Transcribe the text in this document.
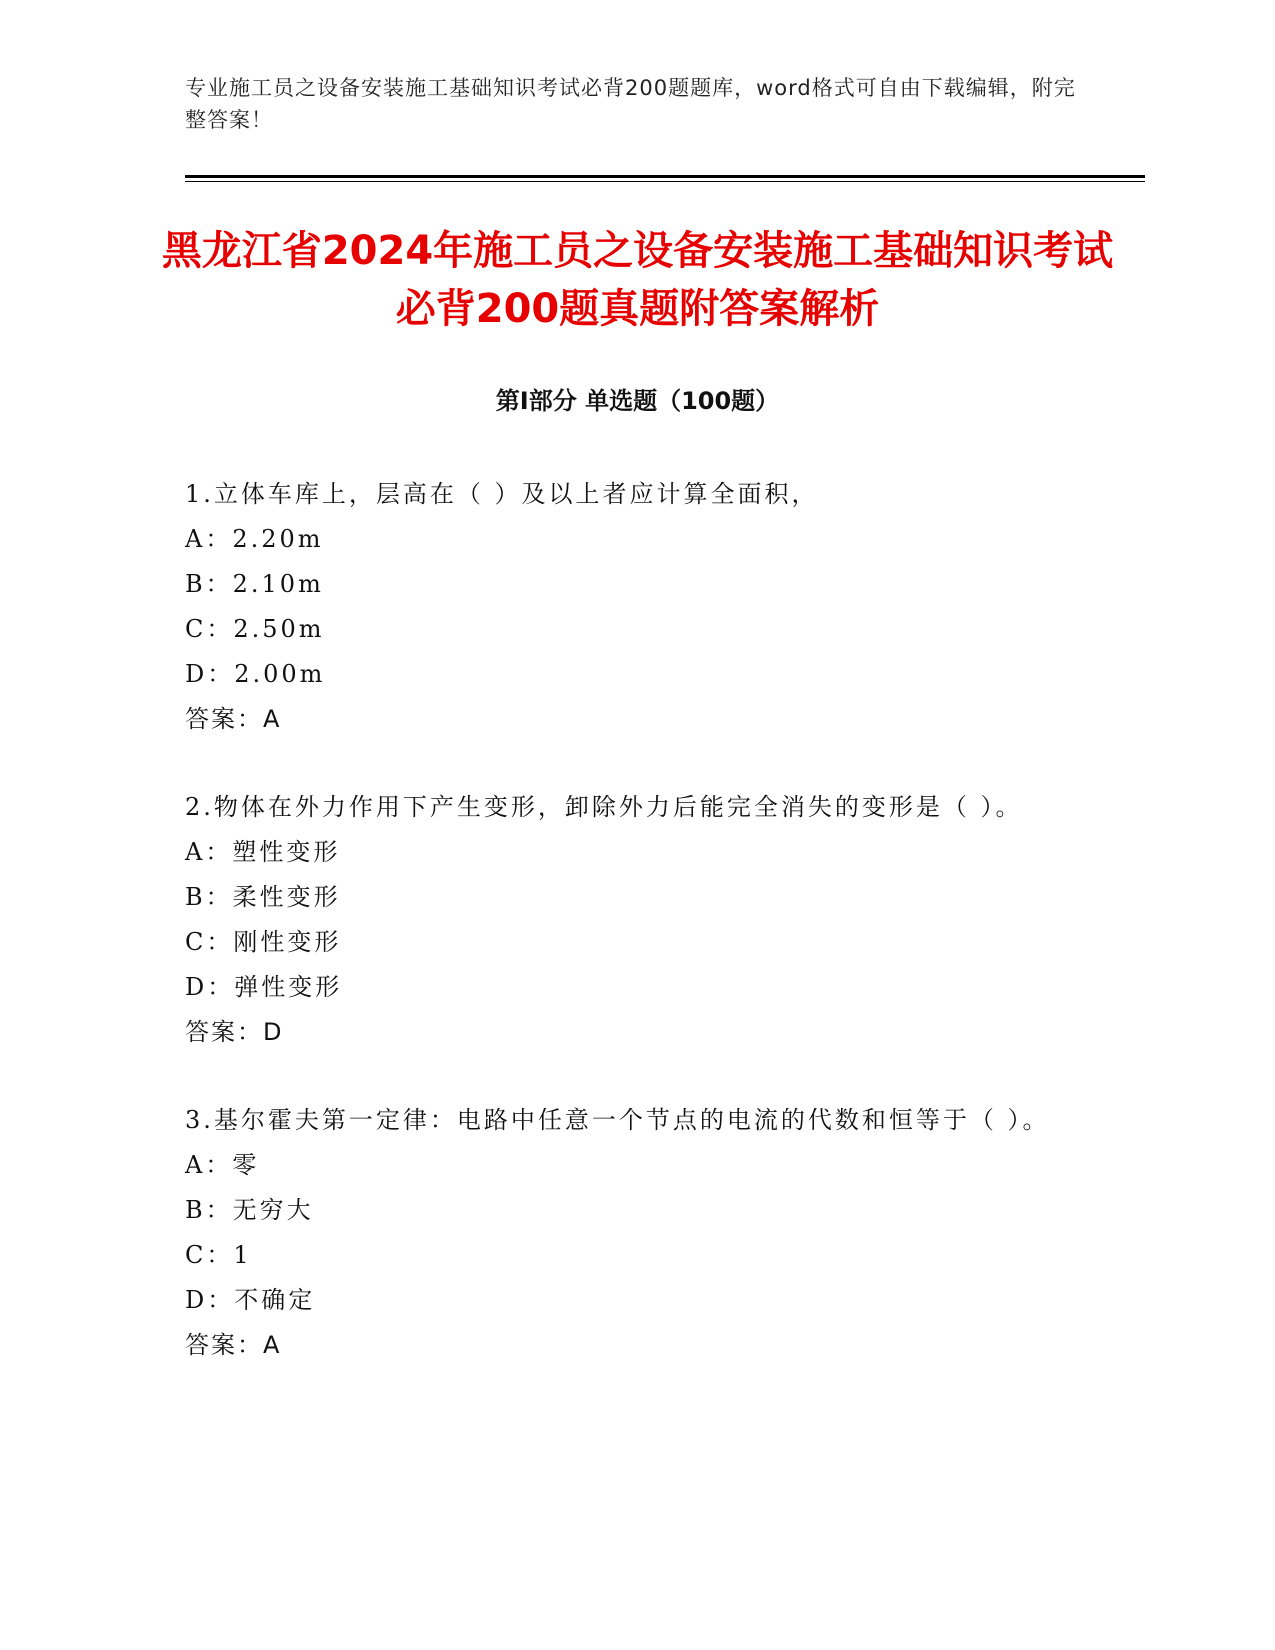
专业施工员之设备安装施工基础知识考试必背200题题库，word格式可自由下载编辑，附完整答案！
黑龙江省2024年施工员之设备安装施工基础知识考试必背200题真题附答案解析
第Ⅰ部分 单选题（100题）

1.立体车库上，层高在（ ）及以上者应计算全面积，

A：2.20m

B：2.10m

C：2.50m

D：2.00m

答案：A

2.物体在外力作用下产生变形，卸除外力后能完全消失的变形是（ ）。

A：塑性变形

B：柔性变形

C：刚性变形

D：弹性变形

答案：D

3.基尔霍夫第一定律：电路中任意一个节点的电流的代数和恒等于（ ）。

A：零

B：无穷大

C：1

D：不确定

答案：A
